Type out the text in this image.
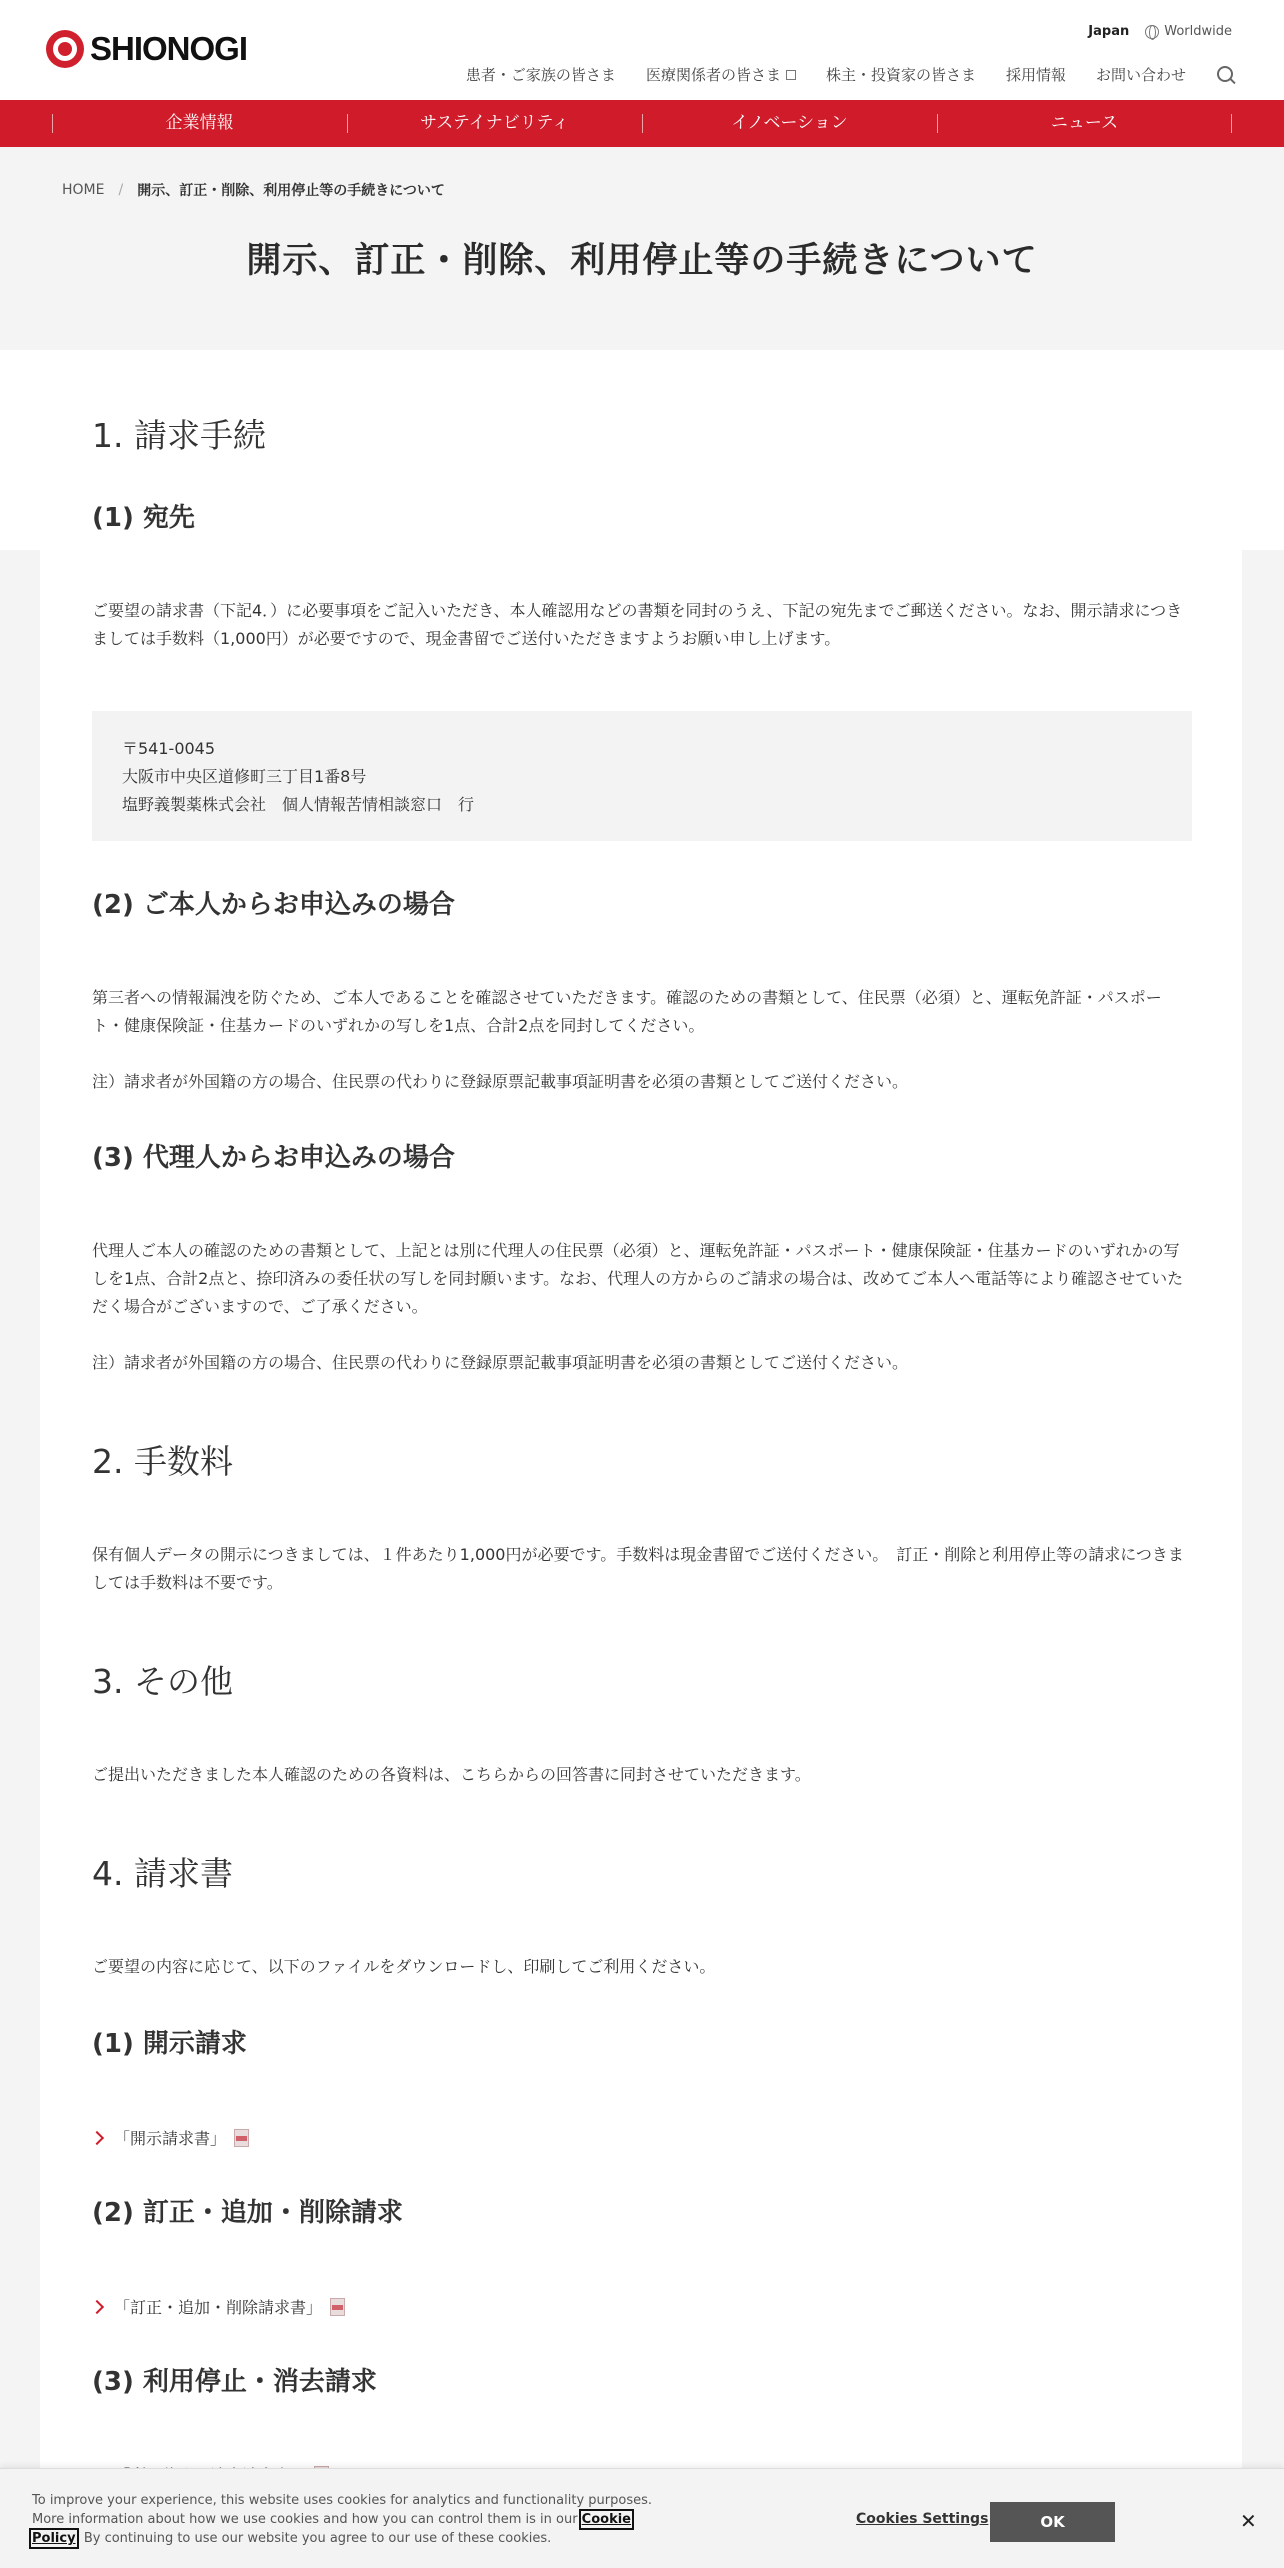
SHIONOGI	Japan	Worldwide
患者・ご家族の皆さま 医療関係者の皆さま	株主・投資家の皆さま 採用情報 お問い合わせ
企業情報	サステイナビリティ	イノベーション	ニュース
HOME / 開示、訂正・削除、利用停止等の手続きについて
開示、訂正・削除、利用停止等の手続きについて
1. 請求手続
(1) 宛先

ご要望の請求書（下記4．）に必要事項をご記入いただき、本人確認用などの書類を同封のうえ、下記の宛先までご郵送ください。なお、開示請求につきましては手数料（1,000円）が必要ですので、現金書留でご送付いただきますようお願い申し上げます。

〒541-0045
大阪市中央区道修町三丁目1番8号
塩野義製薬株式会社　個人情報苦情相談窓口　行
(2) ご本人からお申込みの場合

第三者への情報漏洩を防ぐため、ご本人であることを確認させていただきます。確認のための書類として、住民票（必須）と、運転免許証・パスポート・健康保険証・住基カードのいずれかの写しを1点、合計2点を同封してください。

注）請求者が外国籍の方の場合、住民票の代わりに登録原票記載事項証明書を必須の書類としてご送付ください。

(3) 代理人からお申込みの場合

代理人ご本人の確認のための書類として、上記とは別に代理人の住民票（必須）と、運転免許証・パスポート・健康保険証・住基カードのいずれかの写しを1点、合計2点と、捺印済みの委任状の写しを同封願います。なお、代理人の方からのご請求の場合は、改めてご本人へ電話等により確認させていただく場合がございますので、ご了承ください。

注）請求者が外国籍の方の場合、住民票の代わりに登録原票記載事項証明書を必須の書類としてご送付ください。

2. 手数料

保有個人データの開示につきましては、１件あたり1,000円が必要です。手数料は現金書留でご送付ください。　訂正・削除と利用停止等の請求につきましては手数料は不要です。

3. その他

ご提出いただきました本人確認のための各資料は、こちらからの回答書に同封させていただきます。

4. 請求書

ご要望の内容に応じて、以下のファイルをダウンロードし、印刷してご利用ください。

(1) 開示請求
「開示請求書」
(2) 訂正・追加・削除請求
「訂正・追加・削除請求書」
(3) 利用停止・消去請求

To improve your experience, this website uses cookies for analytics and functionality purposes. More information about how we use cookies and how you can control them is in our Cookie Policy. By continuing to use our website you agree to our use of these cookies.

Cookies Settings	OK	✕
